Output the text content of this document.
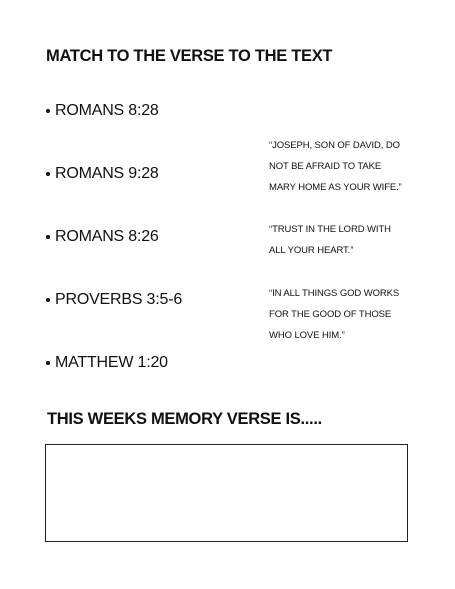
MATCH TO THE VERSE TO THE TEXT
ROMANS 8:28
ROMANS 9:28
ROMANS 8:26
PROVERBS 3:5-6
MATTHEW 1:20
“JOSEPH, SON OF DAVID, DO
NOT BE AFRAID TO TAKE
MARY HOME AS YOUR WIFE.”
“TRUST IN THE LORD WITH
ALL YOUR HEART.”
“IN ALL THINGS GOD WORKS
FOR THE GOOD OF THOSE
WHO LOVE HIM.”
THIS WEEKS MEMORY VERSE IS.....
